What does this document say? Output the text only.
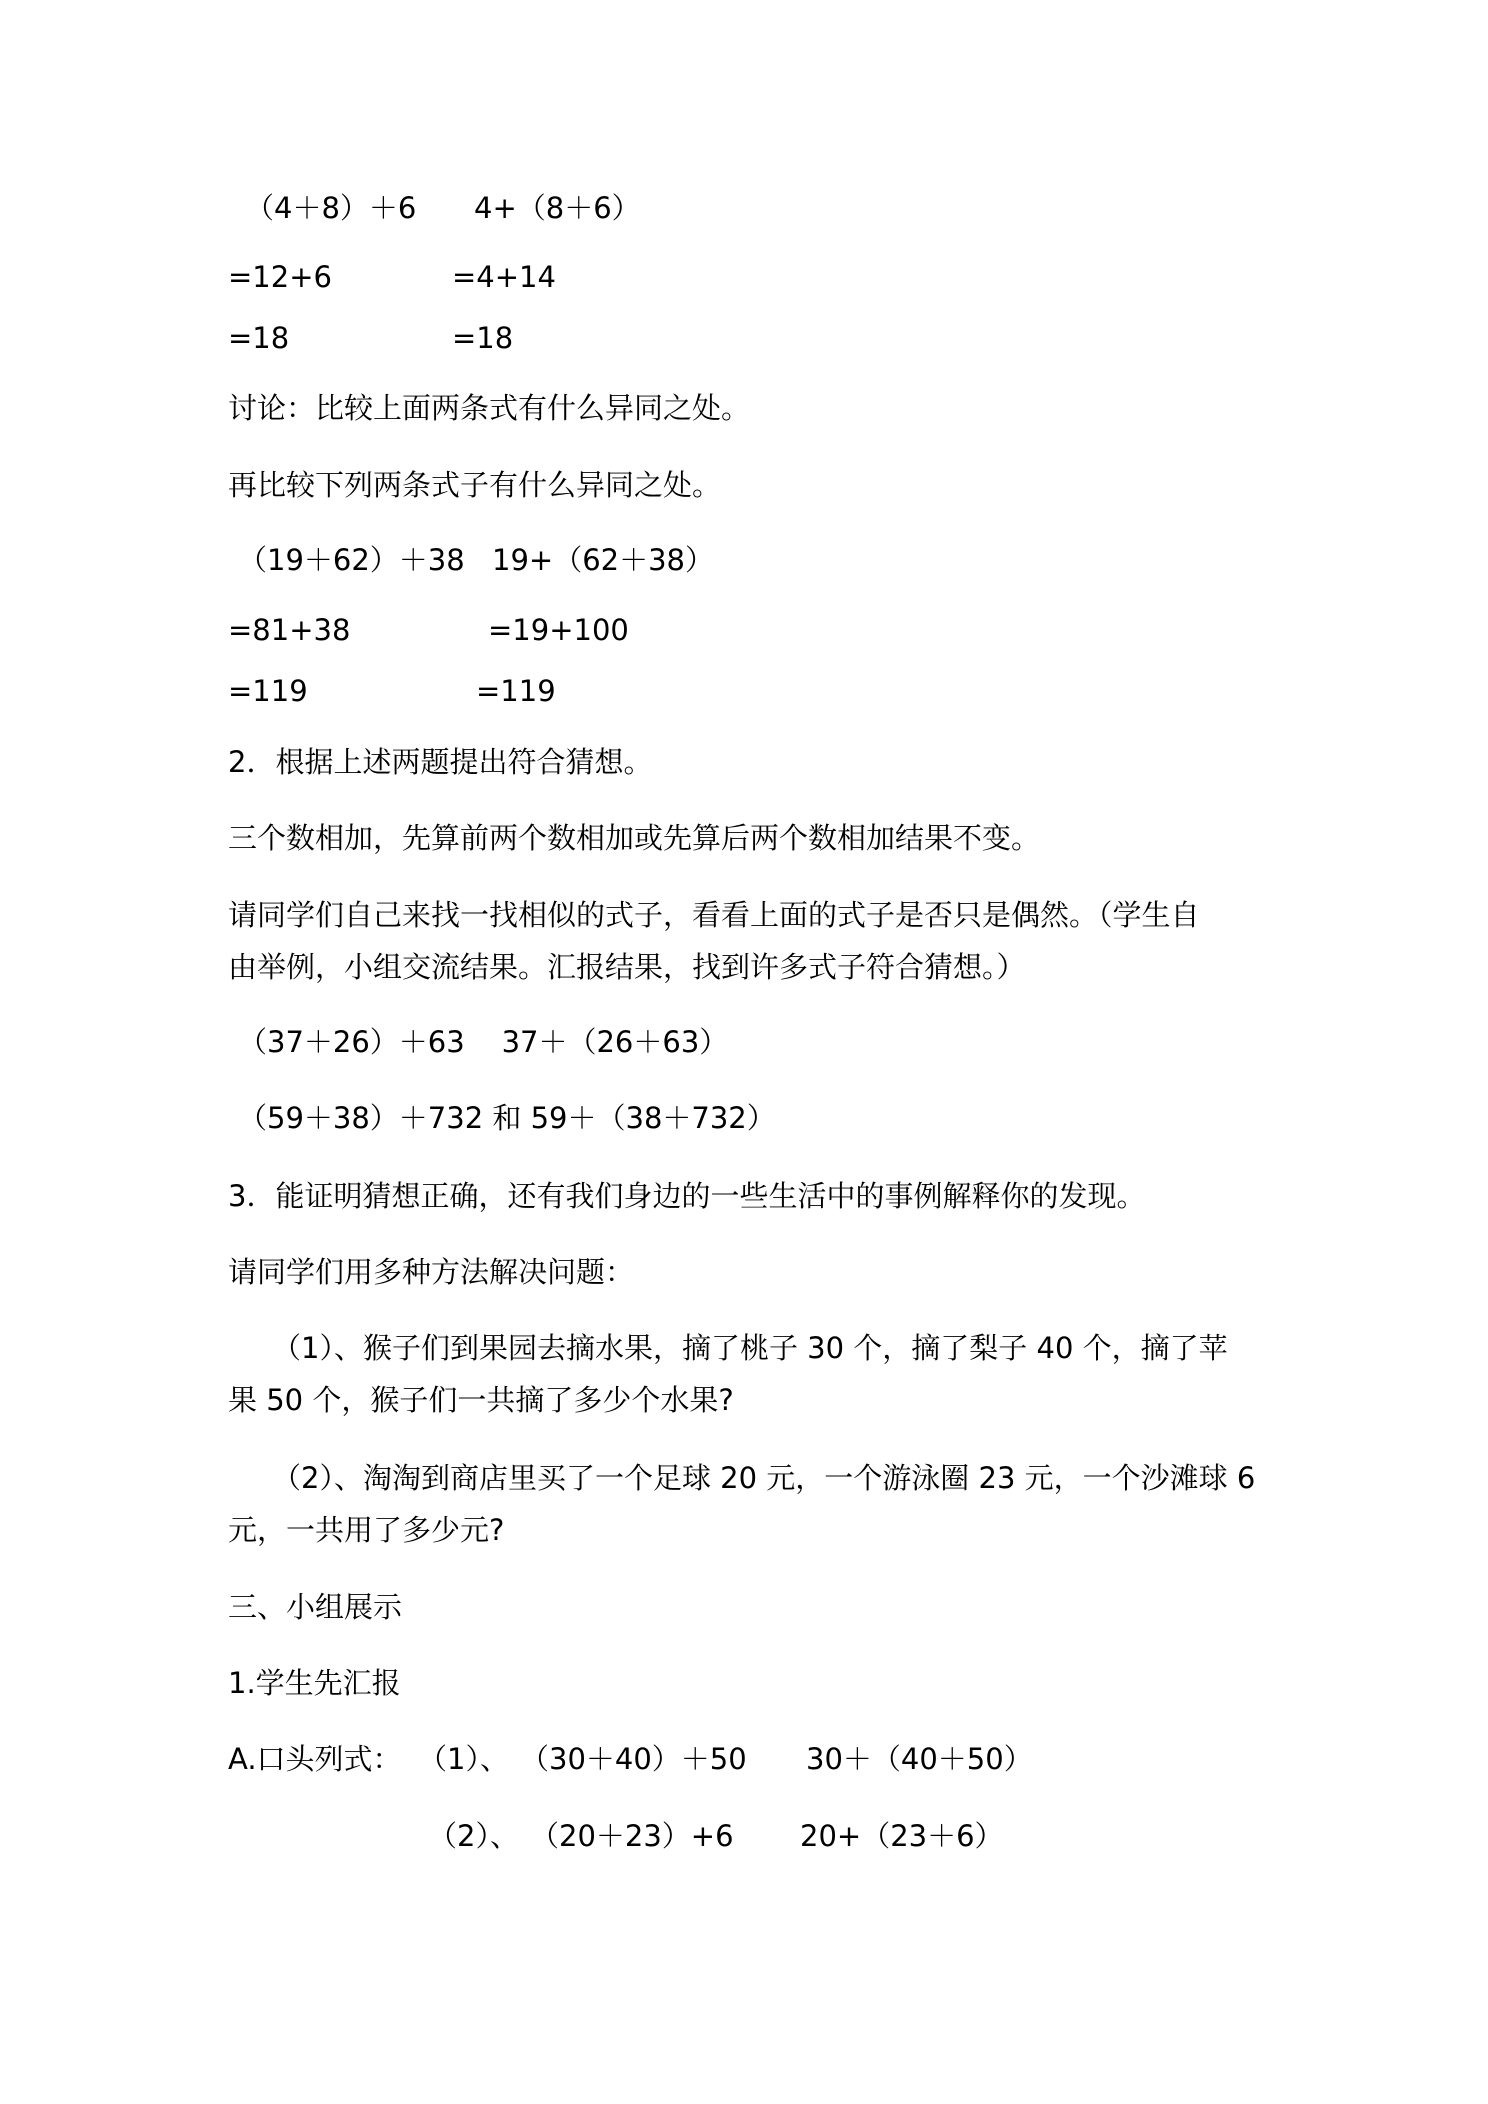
（4＋8）＋6 4+（8＋6）
=12+6	=4+14
=18	=18
讨论：比较上面两条式有什么异同之处。
再比较下列两条式子有什么异同之处。
（19＋62）＋38 19+（62＋38）
=81+38	=19+100
=119	=119
2．根据上述两题提出符合猜想。
三个数相加，先算前两个数相加或先算后两个数相加结果不变。
请同学们自己来找一找相似的式子，看看上面的式子是否只是偶然。（学生自
由举例，小组交流结果。汇报结果，找到许多式子符合猜想。）
（37＋26）＋63    37＋（26＋63）
（59＋38）＋732 和 59＋（38＋732）
3．能证明猜想正确，还有我们身边的一些生活中的事例解释你的发现。
请同学们用多种方法解决问题：
（1）、猴子们到果园去摘水果，摘了桃子 30 个，摘了梨子 40 个，摘了苹
果 50 个，猴子们一共摘了多少个水果?
（2）、淘淘到商店里买了一个足球 20 元，一个游泳圈 23 元，一个沙滩球 6
元，一共用了多少元?
三、小组展示
1.学生先汇报
A.口头列式： （1）、 （30＋40）＋50 30＋（40＋50）
（2）、 （20＋23）+6 20+（23＋6）
